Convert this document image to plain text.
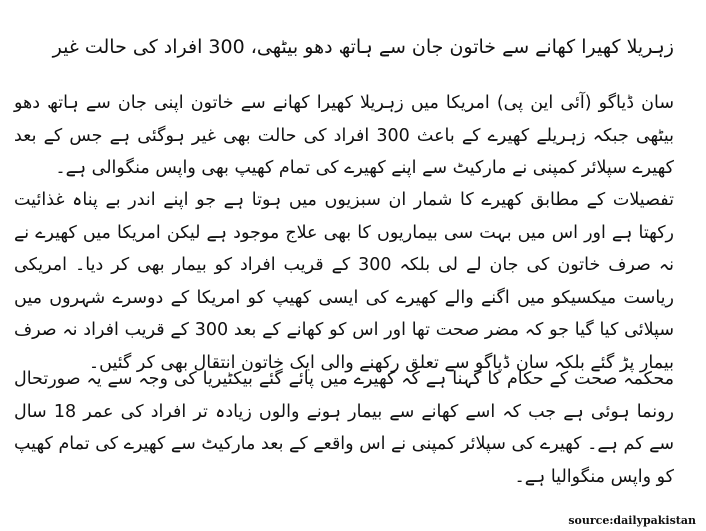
زہریلا کھیرا کھانے سے خاتون جان سے ہاتھ دھو بیٹھی، 300 افراد کی حالت غیر

سان ڈیاگو (آئی این پی) امریکا میں زہریلا کھیرا کھانے سے خاتون اپنی جان سے ہاتھ دھو بیٹھی جبکہ زہریلے کھیرے کے باعث 300 افراد کی حالت بھی غیر ہوگئی ہے جس کے بعد کھیرے سپلائر کمپنی نے مارکیٹ سے اپنے کھیرے کی تمام کھیپ بھی واپس منگوالی ہے۔

تفصیلات کے مطابق کھیرے کا شمار ان سبزیوں میں ہوتا ہے جو اپنے اندر بے پناہ غذائیت رکھتا ہے اور اس میں بہت سی بیماریوں کا بھی علاج موجود ہے لیکن امریکا میں کھیرے نے نہ صرف خاتون کی جان لے لی بلکہ 300 کے قریب افراد کو بیمار بھی کر دیا۔ امریکی ریاست میکسیکو میں اگنے والے کھیرے کی ایسی کھیپ کو امریکا کے دوسرے شہروں میں سپلائی کیا گیا جو کہ مضر صحت تھا اور اس کو کھانے کے بعد 300 کے قریب افراد نہ صرف بیمار پڑ گئے بلکہ سان ڈیاگو سے تعلق رکھنے والی ایک خاتون انتقال بھی کر گئیں۔

محکمہ صحت کے حکام کا کہنا ہے کہ کھیرے میں پائے گئے بیکٹیریا کی وجہ سے یہ صورتحال رونما ہوئی ہے جب کہ اسے کھانے سے بیمار ہونے والوں زیادہ تر افراد کی عمر 18 سال سے کم ہے۔ کھیرے کی سپلائر کمپنی نے اس واقعے کے بعد مارکیٹ سے کھیرے کی تمام کھیپ کو واپس منگوالیا ہے۔

source:dailypakistan
